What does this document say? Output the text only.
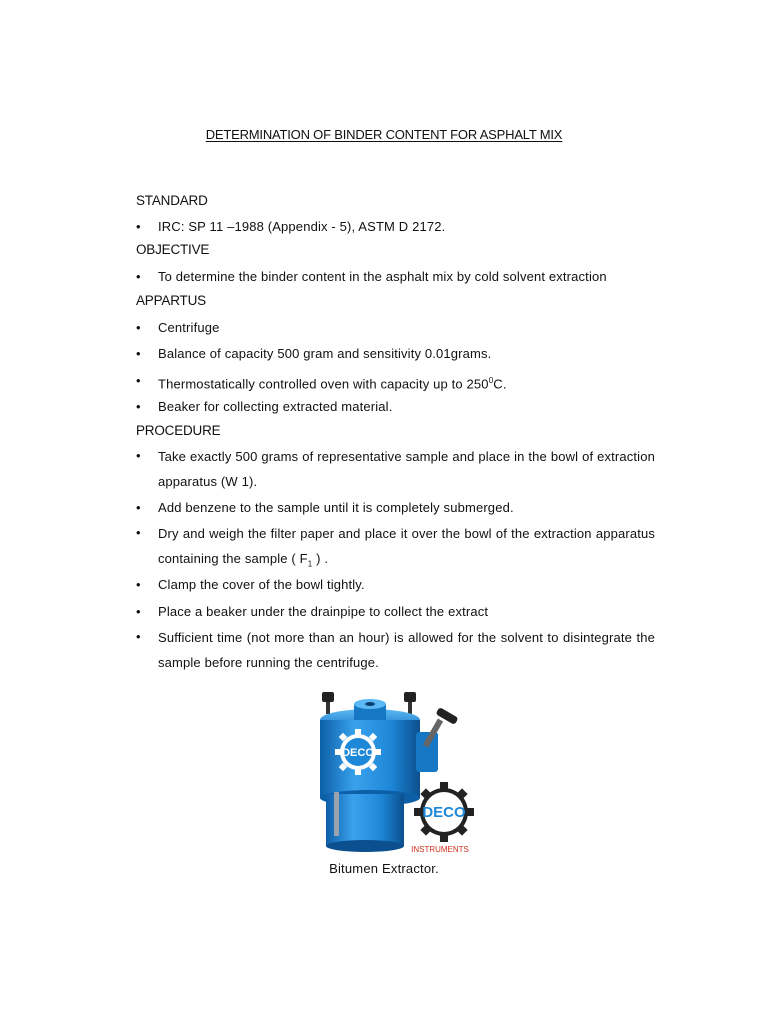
DETERMINATION OF BINDER CONTENT FOR ASPHALT MIX
STANDARD
•	IRC: SP 11 –1988 (Appendix - 5), ASTM D 2172.
OBJECTIVE
•	To determine the binder content in the asphalt mix by cold solvent extraction
APPARTUS
•	Centrifuge
•	Balance of capacity 500 gram and sensitivity 0.01grams.
•	Thermostatically controlled oven with capacity up to $250^0C$.
•	Beaker for collecting extracted material.
PROCEDURE
•	Take exactly 500 grams of representative sample and place in the bowl of extraction apparatus (W 1).
•	Add benzene to the sample until it is completely submerged.
•	Dry and weigh the filter paper and place it over the bowl of the extraction apparatus containing the sample ( $F_1$ ) .
•	Clamp the cover of the bowl tightly.
•	Place a beaker under the drainpipe to collect the extract
•	Sufficient time (not more than an hour) is allowed for the solvent to disintegrate the sample before running the centrifuge.
DECO
DECO
INSTRUMENTS
Bitumen Extractor.
